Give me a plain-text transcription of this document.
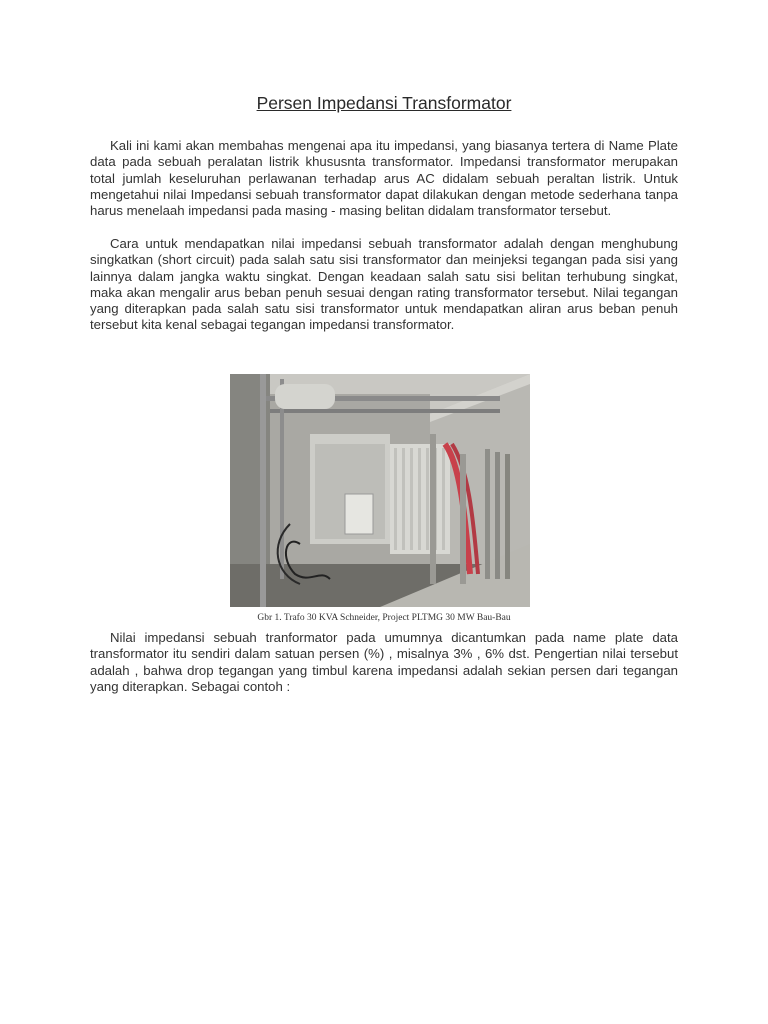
Persen Impedansi Transformator

Kali ini kami akan membahas mengenai apa itu impedansi, yang biasanya tertera di Name Plate data pada sebuah peralatan listrik khususnta transformator. Impedansi transformator merupakan total jumlah keseluruhan perlawanan terhadap arus AC didalam sebuah peraltan listrik. Untuk mengetahui nilai Impedansi sebuah transformator dapat dilakukan dengan metode sederhana tanpa harus menelaah impedansi pada masing - masing belitan didalam transformator tersebut.

Cara untuk mendapatkan nilai impedansi sebuah transformator adalah dengan menghubung singkatkan (short circuit) pada salah satu sisi transformator dan meinjeksi tegangan pada sisi yang lainnya dalam jangka waktu singkat. Dengan keadaan salah satu sisi belitan terhubung singkat, maka akan mengalir arus beban penuh sesuai dengan rating transformator tersebut. Nilai tegangan yang diterapkan pada salah satu sisi transformator untuk mendapatkan aliran arus beban penuh tersebut kita kenal sebagai tegangan impedansi transformator.

Gbr 1. Trafo 30 KVA Schneider, Project PLTMG 30 MW Bau-Bau

Nilai impedansi sebuah tranformator pada umumnya dicantumkan pada name plate data transformator itu sendiri dalam satuan persen (%) , misalnya 3% , 6% dst. Pengertian nilai tersebut adalah , bahwa drop tegangan yang timbul karena impedansi adalah sekian persen dari tegangan yang diterapkan. Sebagai contoh :
